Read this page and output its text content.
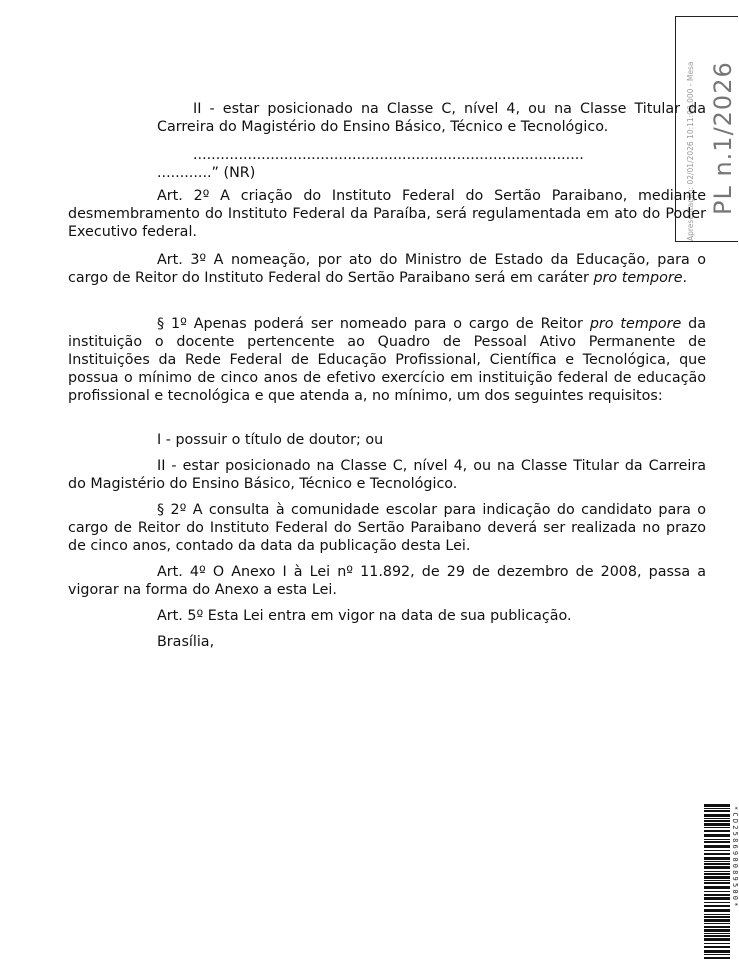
Apresentação: 02/01/2026 10:11:00.000 - Mesa PL n.1/2026

II - estar posicionado na Classe C, nível 4, ou na Classe Titular da Carreira do Magistério do Ensino Básico, Técnico e Tecnológico.

......................................................................................

............” (NR)

Art. 2º A criação do Instituto Federal do Sertão Paraibano, mediante desmembramento do Instituto Federal da Paraíba, será regulamentada em ato do Poder Executivo federal.

Art. 3º A nomeação, por ato do Ministro de Estado da Educação, para o cargo de Reitor do Instituto Federal do Sertão Paraibano será em caráter pro tempore.

§ 1º Apenas poderá ser nomeado para o cargo de Reitor pro tempore da instituição o docente pertencente ao Quadro de Pessoal Ativo Permanente de Instituições da Rede Federal de Educação Profissional, Científica e Tecnológica, que possua o mínimo de cinco anos de efetivo exercício em instituição federal de educação profissional e tecnológica e que atenda a, no mínimo, um dos seguintes requisitos:

I - possuir o título de doutor; ou

II - estar posicionado na Classe C, nível 4, ou na Classe Titular da Carreira do Magistério do Ensino Básico, Técnico e Tecnológico.

§ 2º A consulta à comunidade escolar para indicação do candidato para o cargo de Reitor do Instituto Federal do Sertão Paraibano deverá ser realizada no prazo de cinco anos, contado da data da publicação desta Lei.

Art. 4º O Anexo I à Lei nº 11.892, de 29 de dezembro de 2008, passa a vigorar na forma do Anexo a esta Lei.

Art. 5º Esta Lei entra em vigor na data de sua publicação.

Brasília,

*CD258690089500*
